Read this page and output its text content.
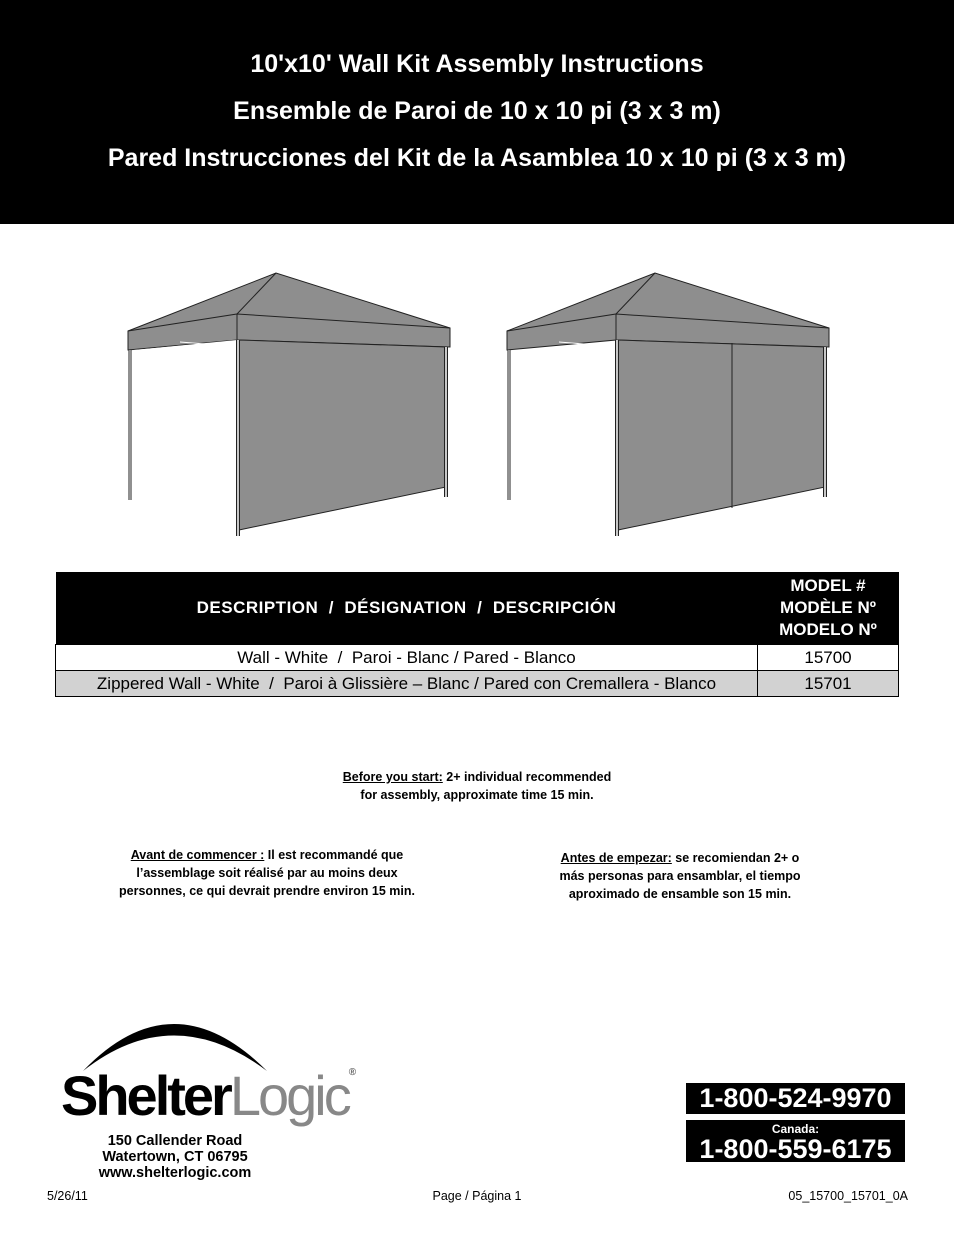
10'x10' Wall Kit Assembly Instructions
Ensemble de Paroi de 10 x 10 pi (3 x 3 m)
Pared Instrucciones del Kit de la Asamblea 10 x 10 pi (3 x 3 m)
DESCRIPTION  /  DÉSIGNATION  /  DESCRIPCIÓN	MODEL #
MODÈLE Nº
MODELO Nº

Wall - White  /  Paroi - Blanc / Pared - Blanco	15700
Zippered Wall - White  /  Paroi à Glissière – Blanc / Pared con Cremallera - Blanco	15701
Before you start: 2+ individual recommended
for assembly, approximate time 15 min.
Avant de commencer : Il est recommandé que
l’assemblage soit réalisé par au moins deux
personnes, ce qui devrait prendre environ 15 min.
Antes de empezar: se recomiendan 2+ o
más personas para ensamblar, el tiempo
aproximado de ensamble son 15 min.
ShelterLogic®
150 Callender Road
Watertown, CT 06795
www.shelterlogic.com
1-800-524-9970
Canada:
1-800-559-6175
5/26/11	Page / Página 1	05_15700_15701_0A
